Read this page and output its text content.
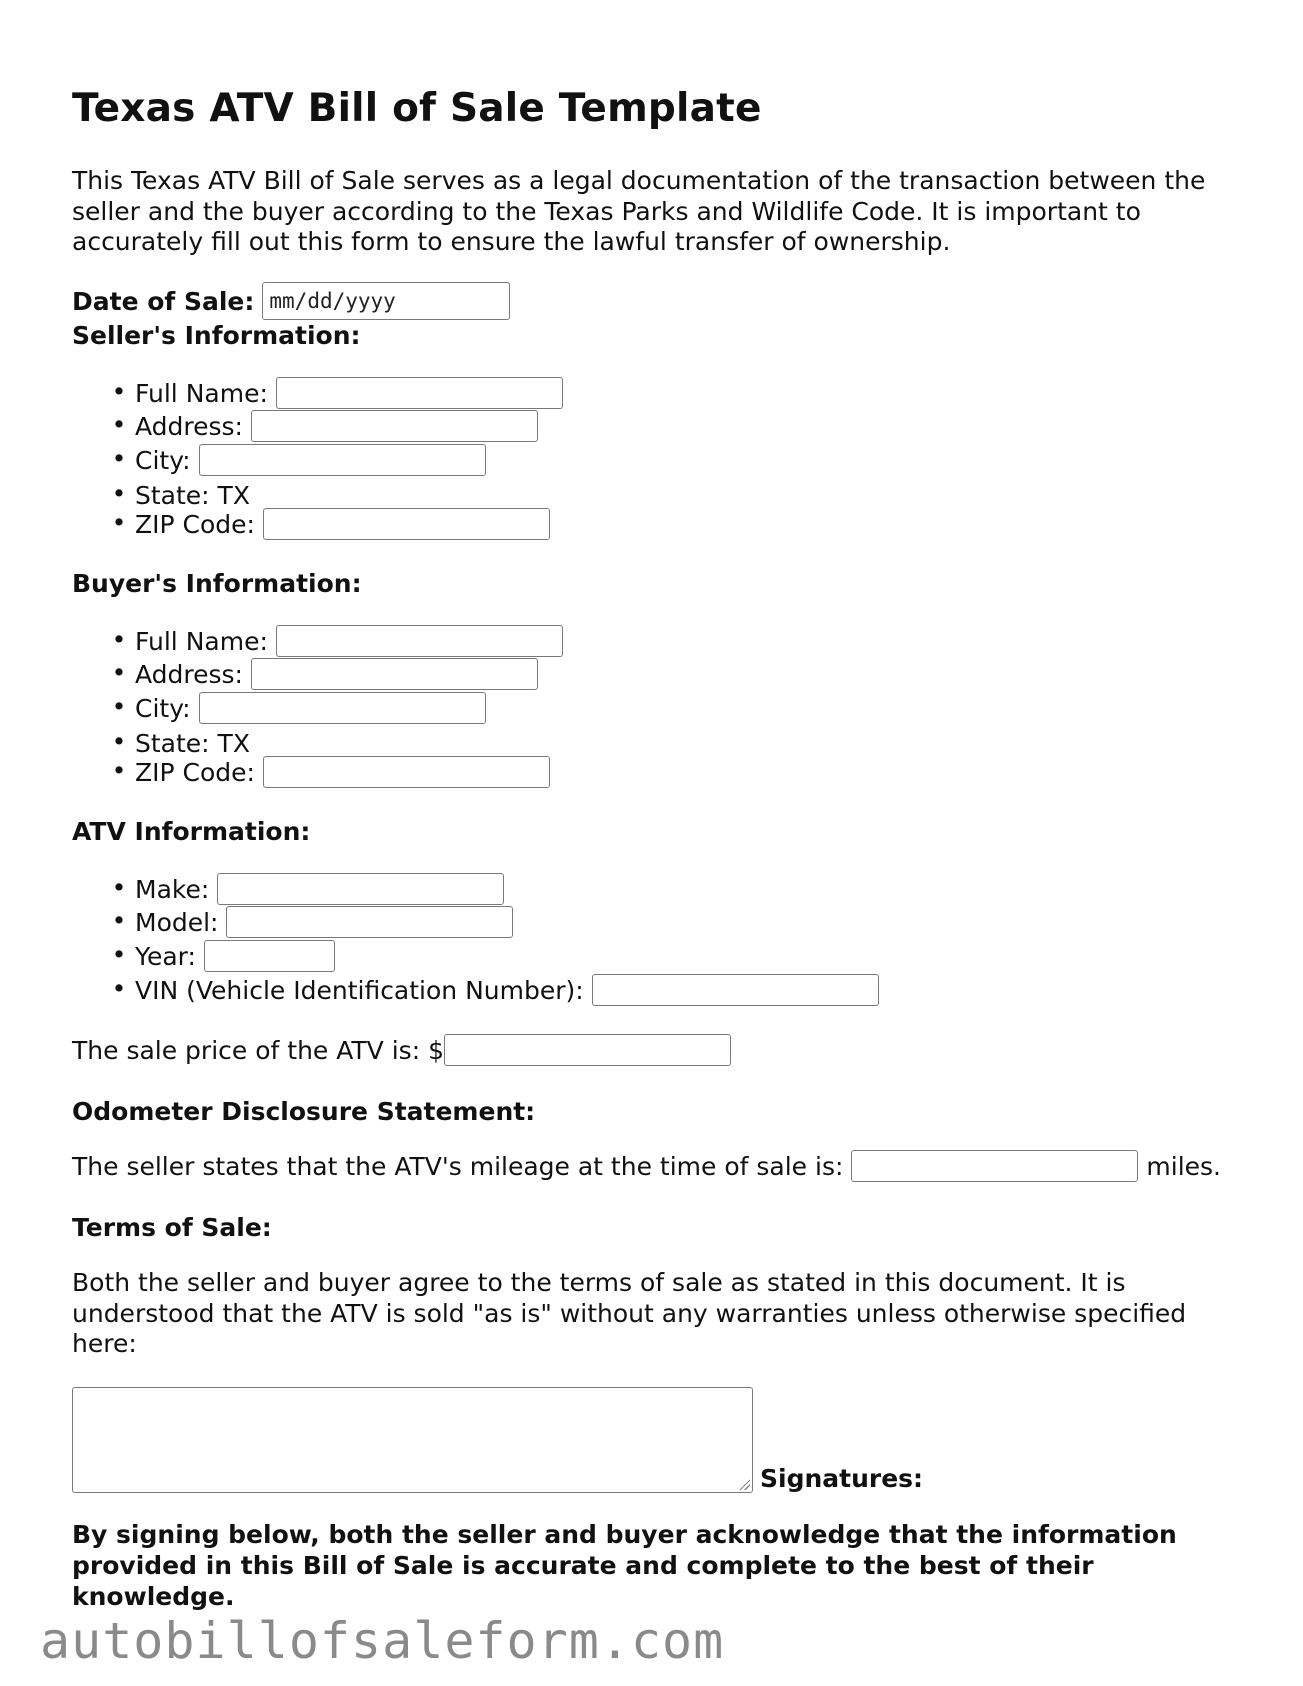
Texas ATV Bill of Sale Template

This Texas ATV Bill of Sale serves as a legal documentation of the transaction between the seller and the buyer according to the Texas Parks and Wildlife Code. It is important to accurately fill out this form to ensure the lawful transfer of ownership.

Date of Sale: mm/dd/yyyy
Seller's Information:
• Full Name:
• Address:
• City:
• State: TX
• ZIP Code:
Buyer's Information:
• Full Name:
• Address:
• City:
• State: TX
• ZIP Code:
ATV Information:
• Make:
• Model:
• Year:
• VIN (Vehicle Identification Number):
The sale price of the ATV is: $
Odometer Disclosure Statement:
The seller states that the ATV's mileage at the time of sale is:	miles.
Terms of Sale:

Both the seller and buyer agree to the terms of sale as stated in this document. It is understood that the ATV is sold "as is" without any warranties unless otherwise specified here:

Signatures:

By signing below, both the seller and buyer acknowledge that the information provided in this Bill of Sale is accurate and complete to the best of their knowledge.

autobillofsaleform.com
